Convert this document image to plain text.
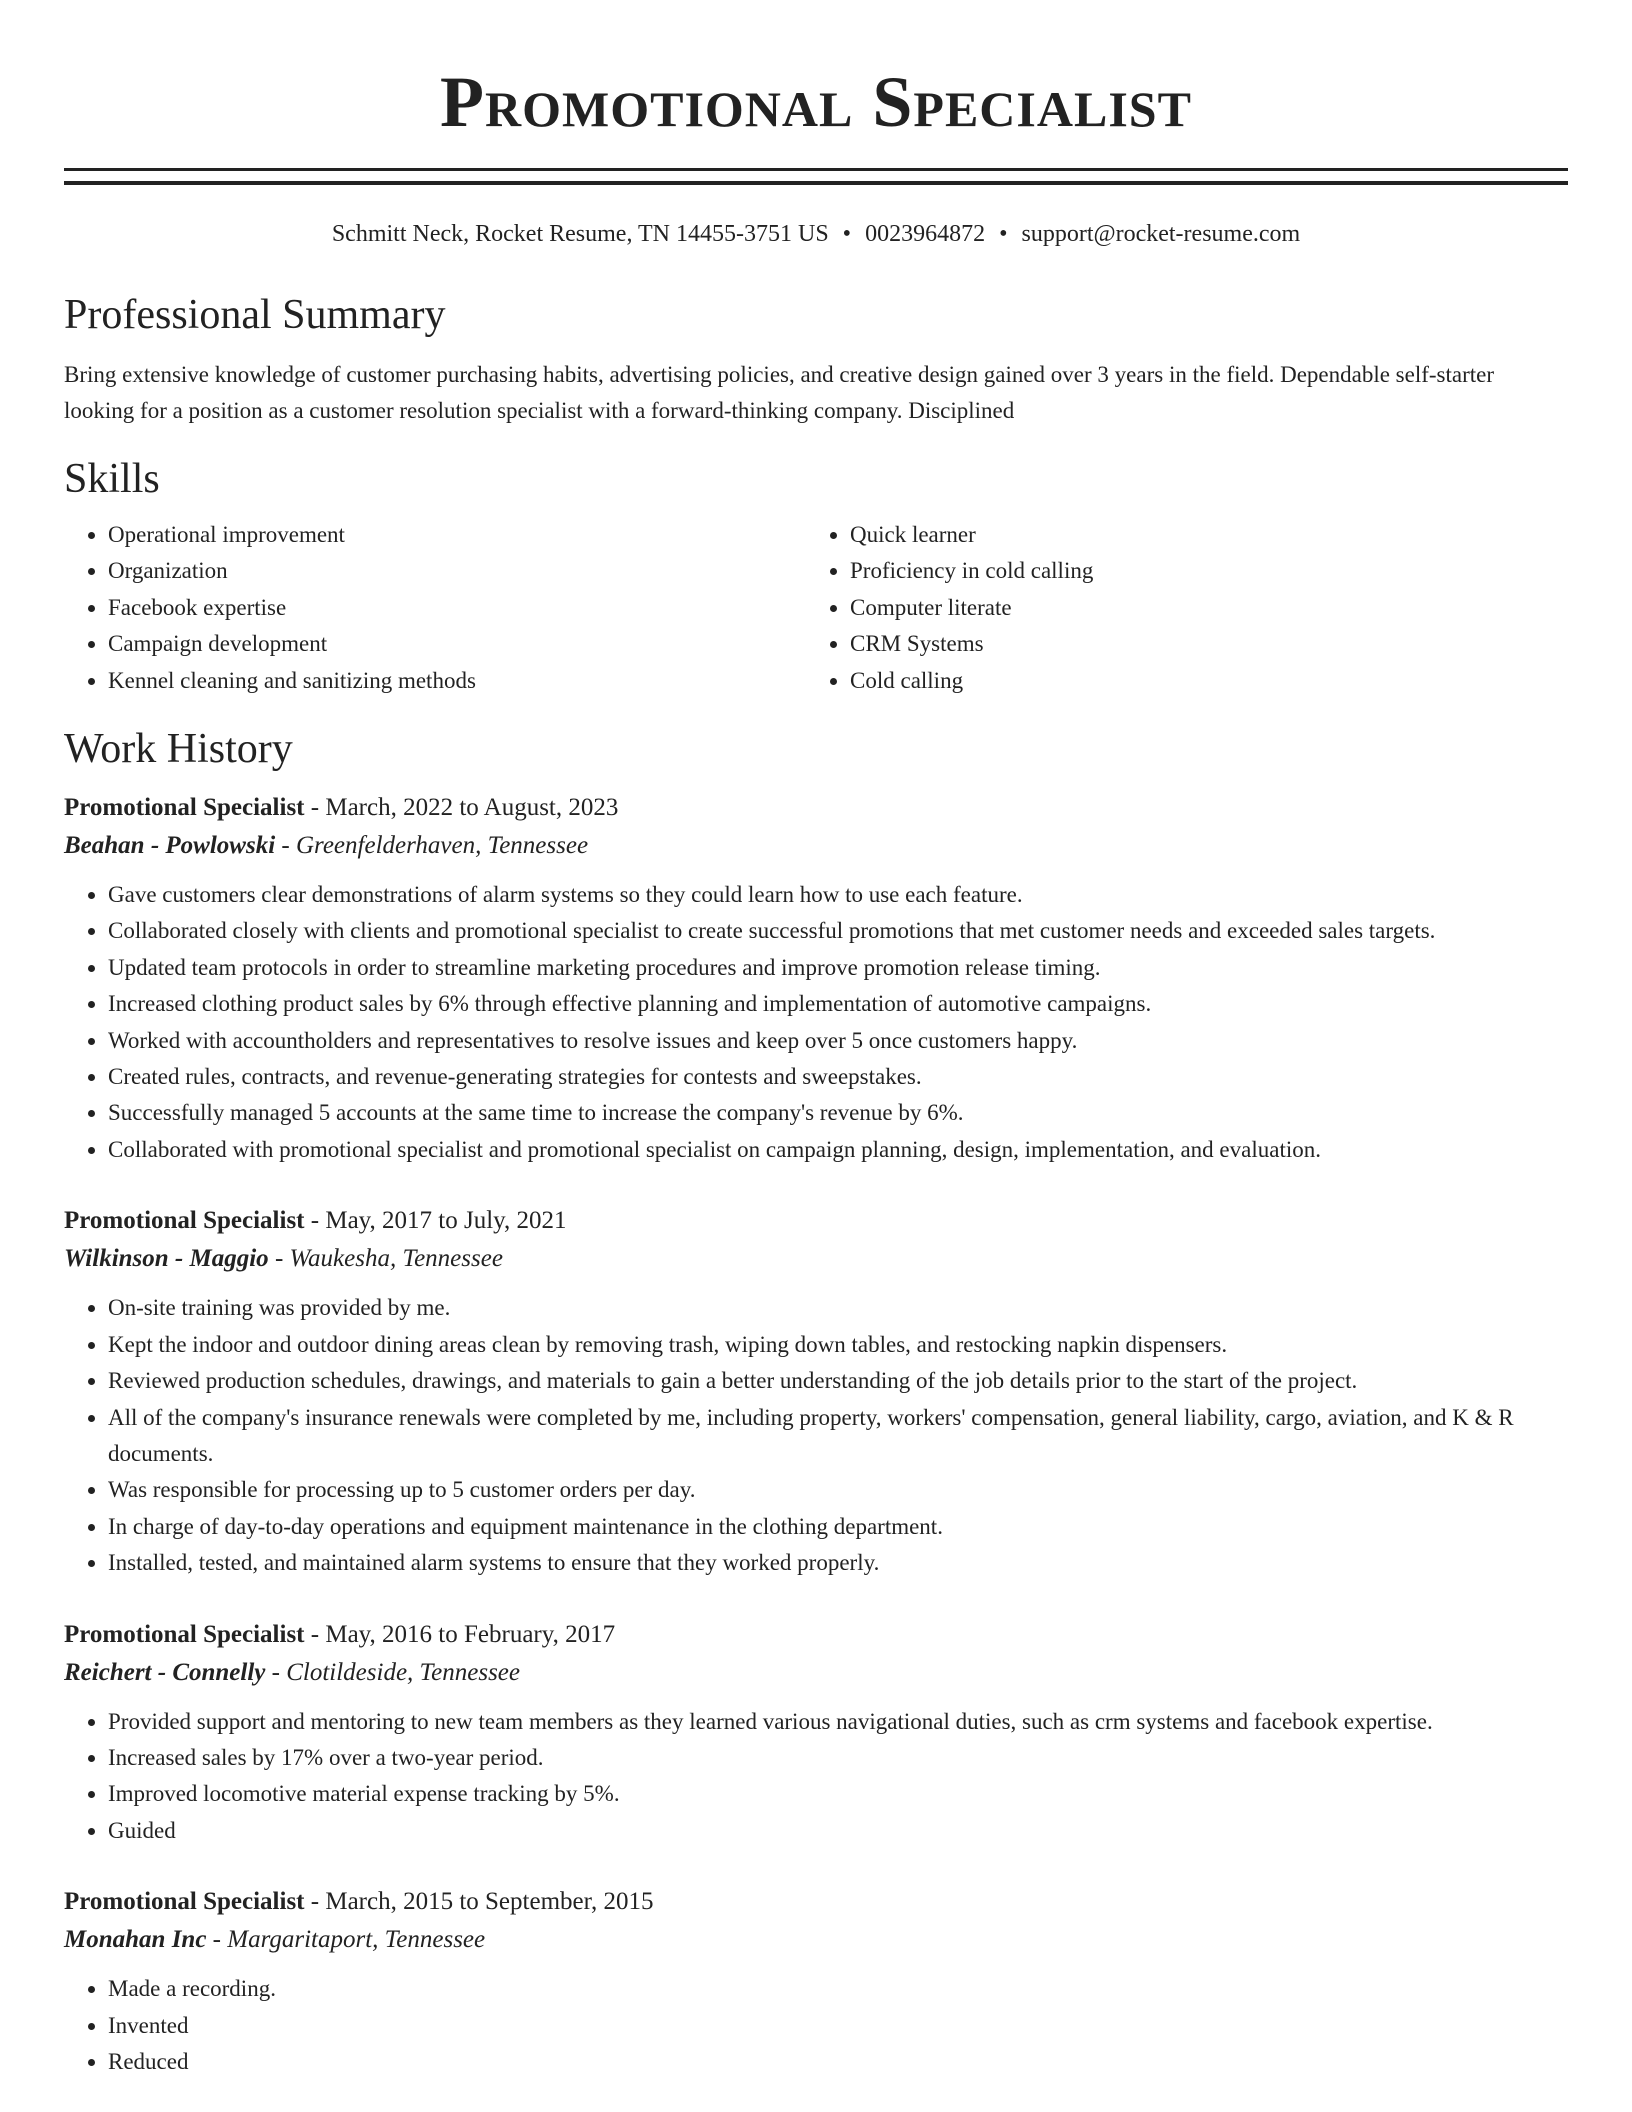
Promotional Specialist
Schmitt Neck, Rocket Resume, TN 14455-3751 US • 0023964872 • support@rocket-resume.com
Professional Summary
Bring extensive knowledge of customer purchasing habits, advertising policies, and creative design gained over 3 years in the field. Dependable self-starter looking for a position as a customer resolution specialist with a forward-thinking company. Disciplined
Skills
• Operational improvement
• Organization
• Facebook expertise
• Campaign development
• Kennel cleaning and sanitizing methods
• Quick learner
• Proficiency in cold calling
• Computer literate
• CRM Systems
• Cold calling
Work History
Promotional Specialist - March, 2022 to August, 2023
Beahan - Powlowski - Greenfelderhaven, Tennessee
• Gave customers clear demonstrations of alarm systems so they could learn how to use each feature.
• Collaborated closely with clients and promotional specialist to create successful promotions that met customer needs and exceeded sales targets.
• Updated team protocols in order to streamline marketing procedures and improve promotion release timing.
• Increased clothing product sales by 6% through effective planning and implementation of automotive campaigns.
• Worked with accountholders and representatives to resolve issues and keep over 5 once customers happy.
• Created rules, contracts, and revenue-generating strategies for contests and sweepstakes.
• Successfully managed 5 accounts at the same time to increase the company's revenue by 6%.
• Collaborated with promotional specialist and promotional specialist on campaign planning, design, implementation, and evaluation.
Promotional Specialist - May, 2017 to July, 2021
Wilkinson - Maggio - Waukesha, Tennessee
• On-site training was provided by me.
• Kept the indoor and outdoor dining areas clean by removing trash, wiping down tables, and restocking napkin dispensers.
• Reviewed production schedules, drawings, and materials to gain a better understanding of the job details prior to the start of the project.
• All of the company's insurance renewals were completed by me, including property, workers' compensation, general liability, cargo, aviation, and K & R documents.
• Was responsible for processing up to 5 customer orders per day.
• In charge of day-to-day operations and equipment maintenance in the clothing department.
• Installed, tested, and maintained alarm systems to ensure that they worked properly.
Promotional Specialist - May, 2016 to February, 2017
Reichert - Connelly - Clotildeside, Tennessee
• Provided support and mentoring to new team members as they learned various navigational duties, such as crm systems and facebook expertise.
• Increased sales by 17% over a two-year period.
• Improved locomotive material expense tracking by 5%.
• Guided
Promotional Specialist - March, 2015 to September, 2015
Monahan Inc - Margaritaport, Tennessee
• Made a recording.
• Invented
• Reduced
